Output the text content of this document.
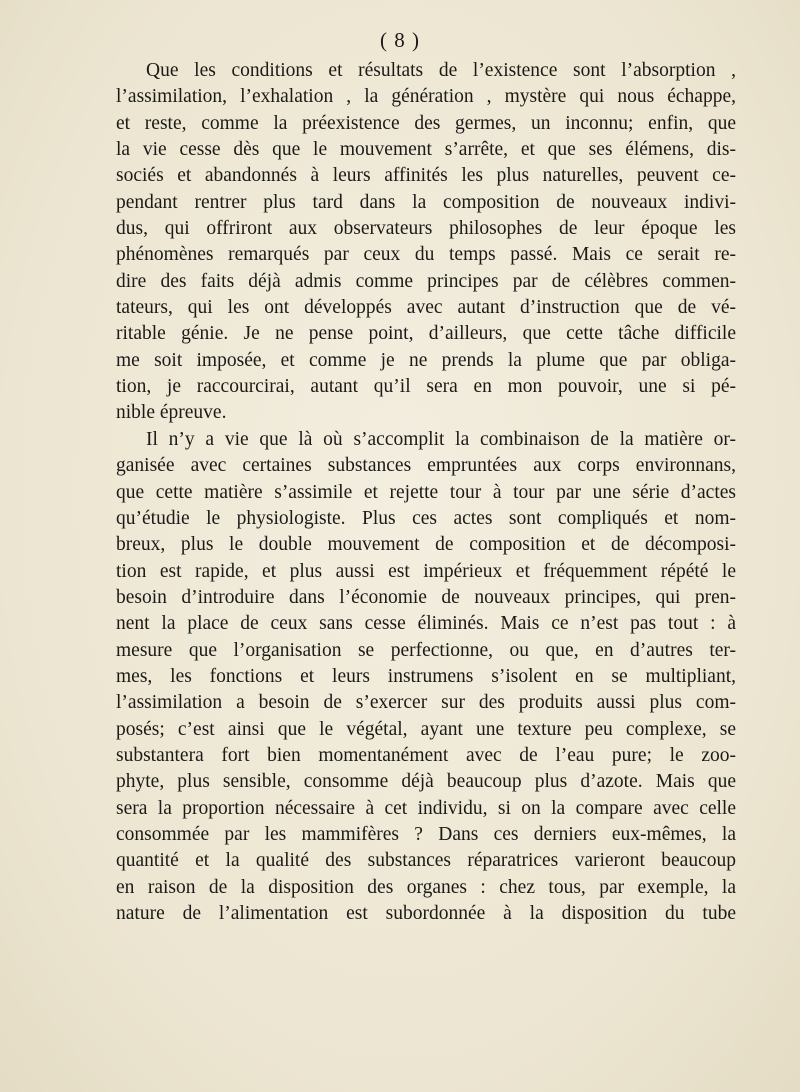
( 8 )
Que les conditions et résultats de l’existence sont l’absorption ,
l’assimilation, l’exhalation , la génération , mystère qui nous échappe,
et reste, comme la préexistence des germes, un inconnu; enfin, que
la vie cesse dès que le mouvement s’arrête, et que ses élémens, dis-
sociés et abandonnés à leurs affinités les plus naturelles, peuvent ce-
pendant rentrer plus tard dans la composition de nouveaux indivi-
dus, qui offriront aux observateurs philosophes de leur époque les
phénomènes remarqués par ceux du temps passé. Mais ce serait re-
dire des faits déjà admis comme principes par de célèbres commen-
tateurs, qui les ont développés avec autant d’instruction que de vé-
ritable génie. Je ne pense point, d’ailleurs, que cette tâche difficile
me soit imposée, et comme je ne prends la plume que par obliga-
tion, je raccourcirai, autant qu’il sera en mon pouvoir, une si pé-
nible épreuve.
Il n’y a vie que là où s’accomplit la combinaison de la matière or-
ganisée avec certaines substances empruntées aux corps environnans,
que cette matière s’assimile et rejette tour à tour par une série d’actes
qu’étudie le physiologiste. Plus ces actes sont compliqués et nom-
breux, plus le double mouvement de composition et de décomposi-
tion est rapide, et plus aussi est impérieux et fréquemment répété le
besoin d’introduire dans l’économie de nouveaux principes, qui pren-
nent la place de ceux sans cesse éliminés. Mais ce n’est pas tout : à
mesure que l’organisation se perfectionne, ou que, en d’autres ter-
mes, les fonctions et leurs instrumens s’isolent en se multipliant,
l’assimilation a besoin de s’exercer sur des produits aussi plus com-
posés; c’est ainsi que le végétal, ayant une texture peu complexe, se
substantera fort bien momentanément avec de l’eau pure; le zoo-
phyte, plus sensible, consomme déjà beaucoup plus d’azote. Mais que
sera la proportion nécessaire à cet individu, si on la compare avec celle
consommée par les mammifères ? Dans ces derniers eux-mêmes, la
quantité et la qualité des substances réparatrices varieront beaucoup
en raison de la disposition des organes : chez tous, par exemple, la
nature de l’alimentation est subordonnée à la disposition du tube
